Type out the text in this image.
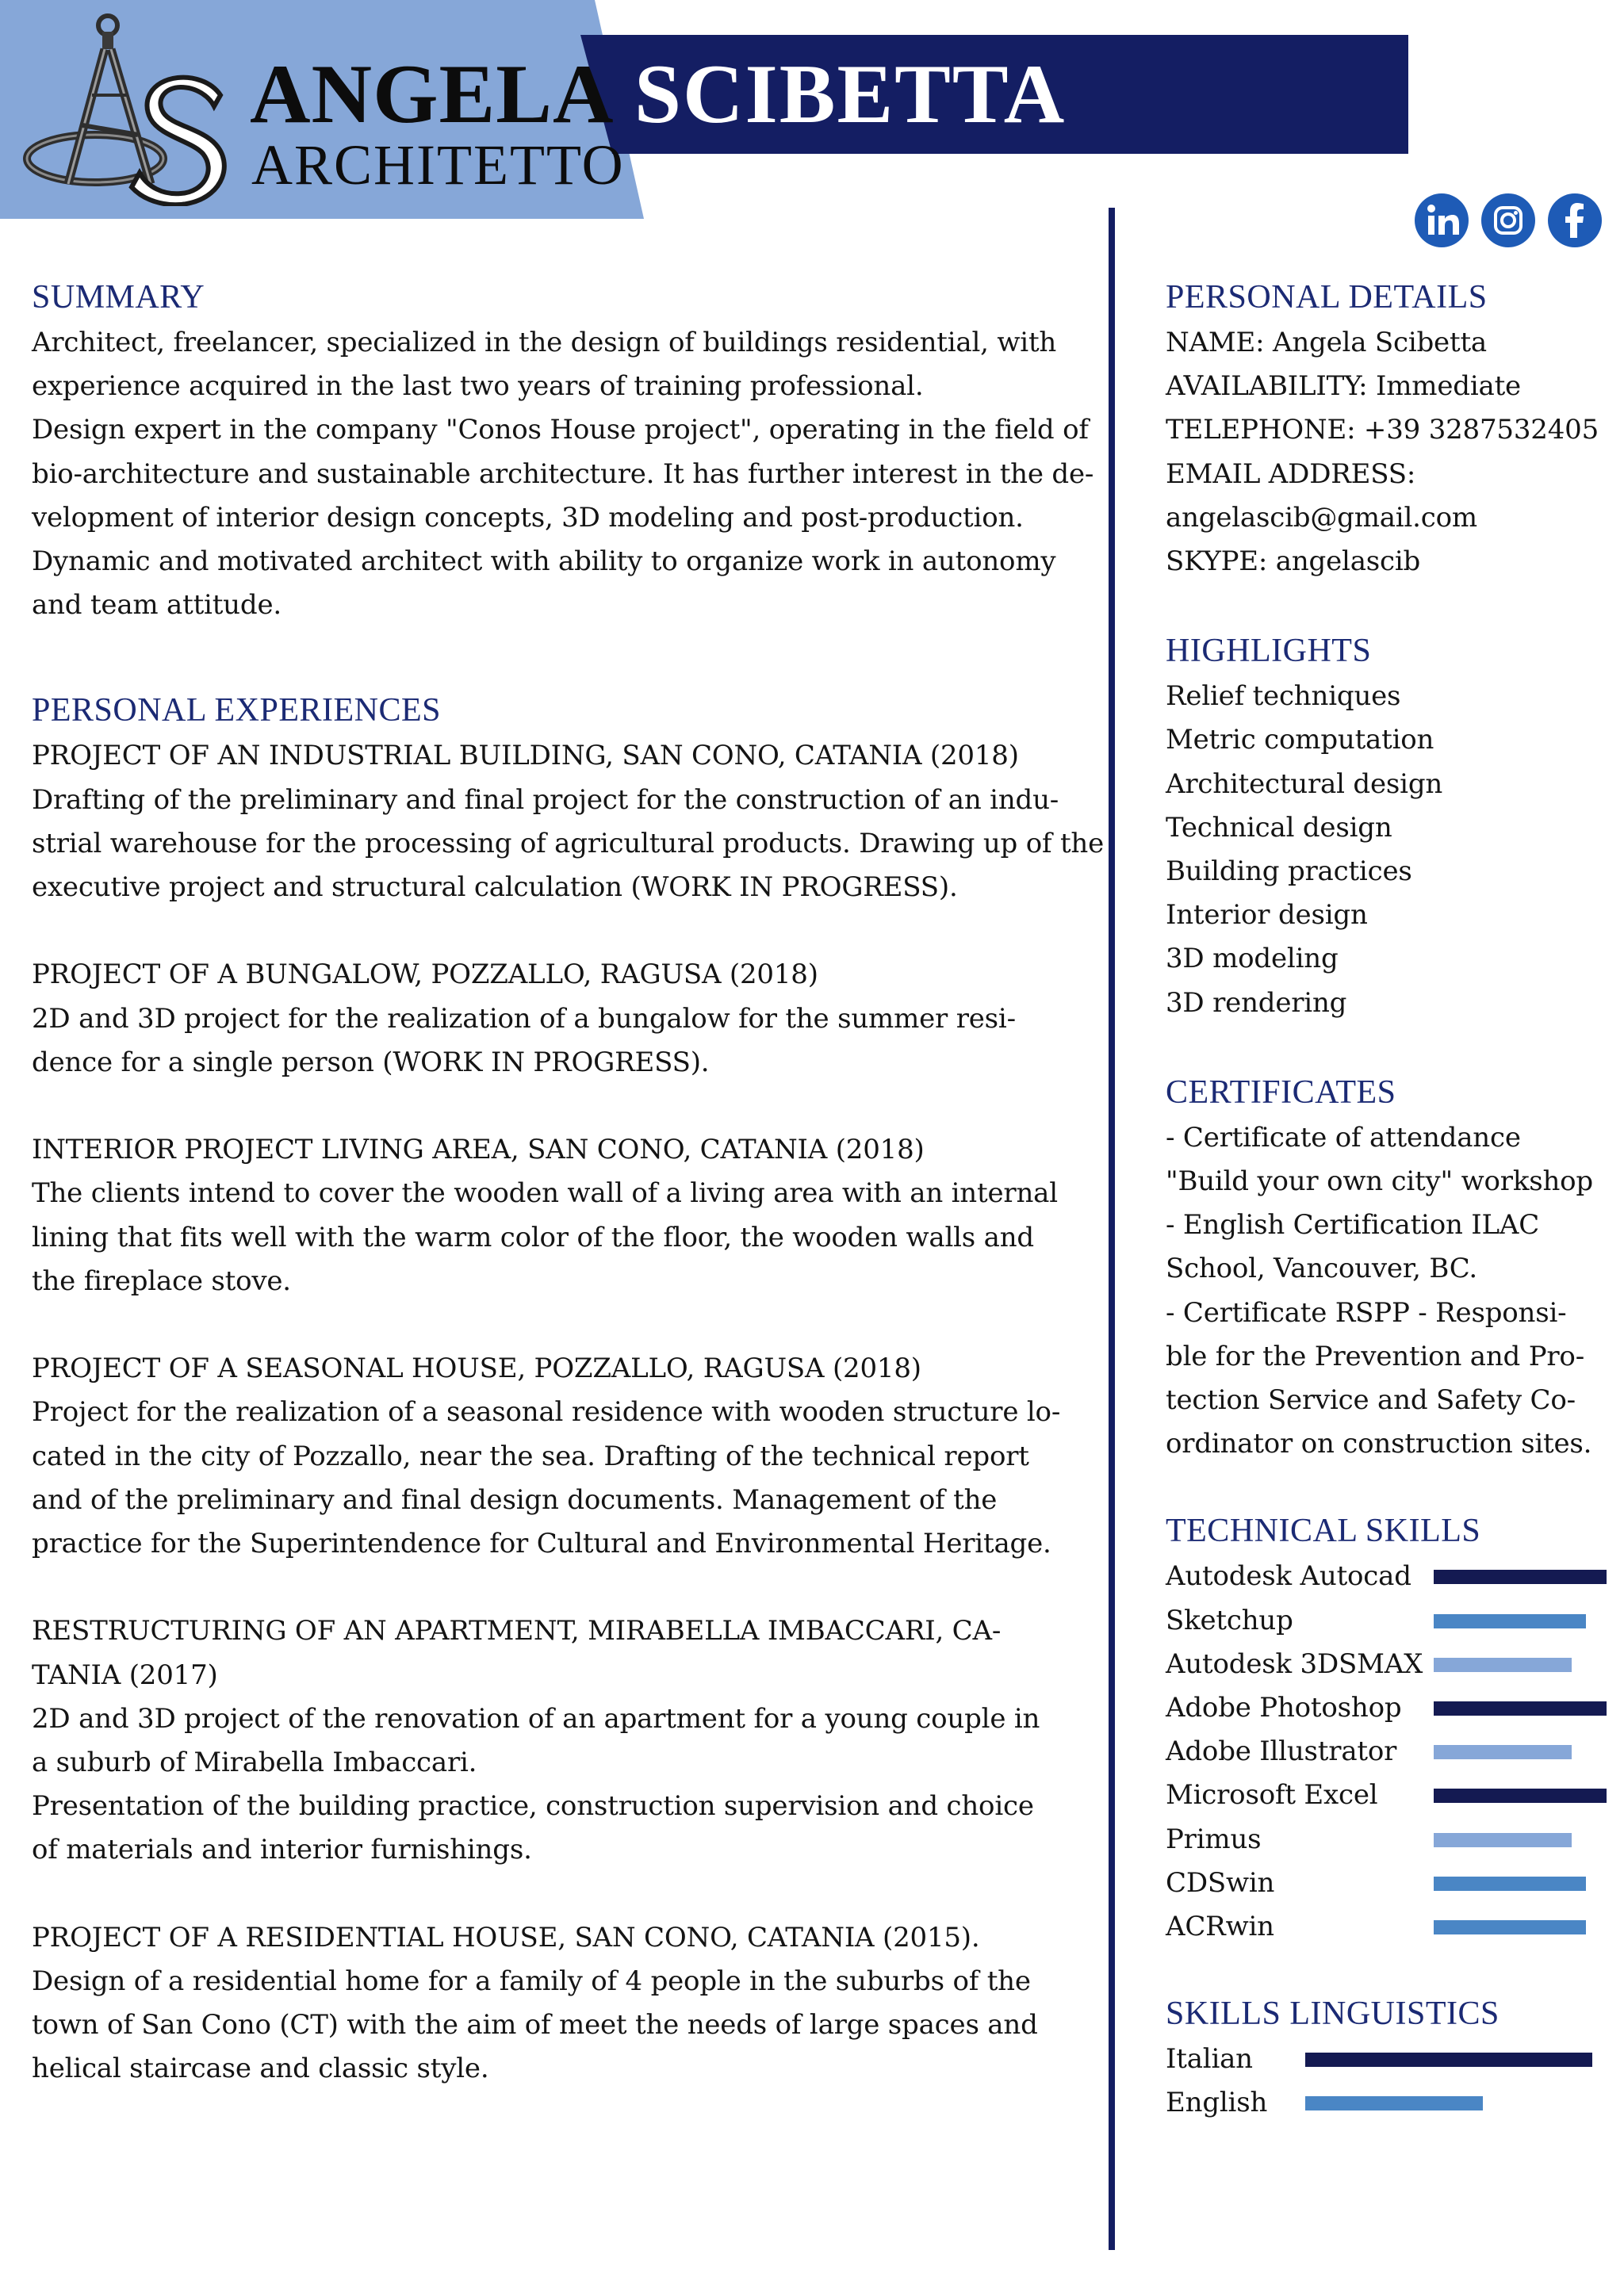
ANGELA SCIBETTA
ARCHITETTO
SUMMARY

Architect, freelancer, specialized in the design of buildings residential, with

experience acquired in the last two years of training professional.

Design expert in the company "Conos House project", operating in the field of

bio-architecture and sustainable architecture. It has further interest in the de-

velopment of interior design concepts, 3D modeling and post-production.

Dynamic and motivated architect with ability to organize work in autonomy

and team attitude.

PERSONAL EXPERIENCES

PROJECT OF AN INDUSTRIAL BUILDING, SAN CONO, CATANIA (2018)

Drafting of the preliminary and final project for the construction of an indu-

strial warehouse for the processing of agricultural products. Drawing up of the

executive project and structural calculation (WORK IN PROGRESS).

PROJECT OF A BUNGALOW, POZZALLO, RAGUSA (2018)

2D and 3D project for the realization of a bungalow for the summer resi-

dence for a single person (WORK IN PROGRESS).

INTERIOR PROJECT LIVING AREA, SAN CONO, CATANIA (2018)

The clients intend to cover the wooden wall of a living area with an internal

lining that fits well with the warm color of the floor, the wooden walls and

the fireplace stove.

PROJECT OF A SEASONAL HOUSE, POZZALLO, RAGUSA (2018)

Project for the realization of a seasonal residence with wooden structure lo-

cated in the city of Pozzallo, near the sea. Drafting of the technical report

and of the preliminary and final design documents. Management of the

practice for the Superintendence for Cultural and Environmental Heritage.

RESTRUCTURING OF AN APARTMENT, MIRABELLA IMBACCARI, CA-

TANIA (2017)

2D and 3D project of the renovation of an apartment for a young couple in

a suburb of Mirabella Imbaccari.

Presentation of the building practice, construction supervision and choice

of materials and interior furnishings.

PROJECT OF A RESIDENTIAL HOUSE, SAN CONO, CATANIA (2015).

Design of a residential home for a family of 4 people in the suburbs of the

town of San Cono (CT) with the aim of meet the needs of large spaces and

helical staircase and classic style.

PERSONAL DETAILS

NAME: Angela Scibetta

AVAILABILITY: Immediate

TELEPHONE: +39 3287532405

EMAIL ADDRESS:

angelascib@gmail.com

SKYPE: angelascib

HIGHLIGHTS

Relief techniques

Metric computation

Architectural design

Technical design

Building practices

Interior design

3D modeling

3D rendering

CERTIFICATES

- Certificate of attendance

"Build your own city" workshop

- English Certification ILAC

School, Vancouver, BC.

- Certificate RSPP - Responsi-

ble for the Prevention and Pro-

tection Service and Safety Co-

ordinator on construction sites.

TECHNICAL SKILLS
Autodesk Autocad
Sketchup
Autodesk 3DSMAX
Adobe Photoshop
Adobe Illustrator
Microsoft Excel
Primus
CDSwin
ACRwin
SKILLS LINGUISTICS
Italian
English
